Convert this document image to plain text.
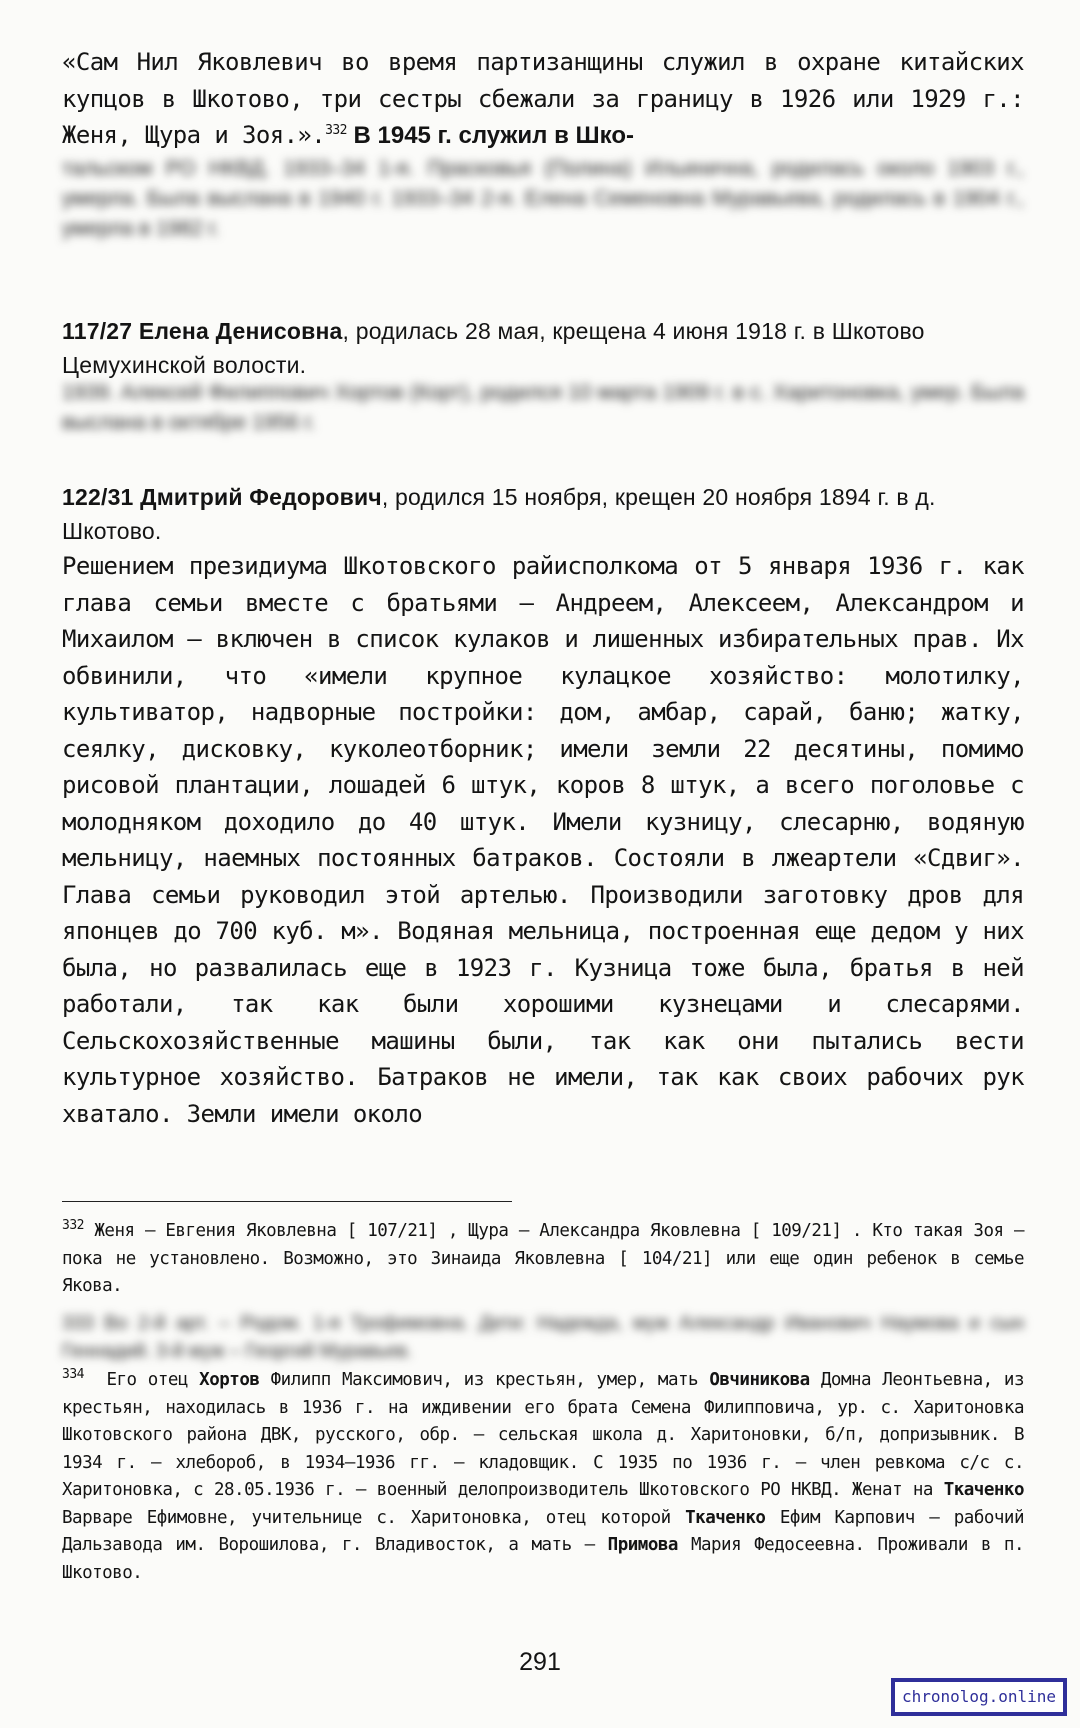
«Сам Нил Яковлевич во время партизанщины служил в охране китайских купцов в Шкотово, три сестры сбежали за границу в 1926 или 1929 г.: Женя, Щура и Зоя.».$^{332}$ В 1945 г. служил в Шко-
тальском РО НКВД. 1933–34 1-я. Прасковья (Полина) Ильинична, родилась около 1903 г., умерла. Была выслана в 1940 г. 1933–34 2-я. Елена Семеновна Муравьева, родилась в 1904 г., умерла в 1982 г.
117/27 Елена Денисовна, родилась 28 мая, крещена 4 июня 1918 г. в Шкотово Цемухинской волости.
1939. Алексей Филиппович Хортов (Корт), родился 10 марта 1909 г. в с. Харитоновка, умер. Была выслана в октябре 1956 г.
122/31 Дмитрий Федорович, родился 15 ноября, крещен 20 ноября 1894 г. в д. Шкотово.
Решением президиума Шкотовского райисполкома от 5 января 1936 г. как глава семьи вместе с братьями – Андреем, Алексеем, Александром и Михаилом – включен в список кулаков и лишенных избирательных прав. Их обвинили, что «имели крупное кулацкое хозяйство: молотилку, культиватор, надворные постройки: дом, амбар, сарай, баню; жатку, сеялку, дисковку, куколеотборник; имели земли 22 десятины, помимо рисовой плантации, лошадей 6 штук, коров 8 штук, а всего поголовье с молодняком доходило до 40 штук. Имели кузницу, слесарню, водяную мельницу, наемных постоянных батраков. Состояли в лжеартели «Сдвиг». Глава семьи руководил этой артелью. Производили заготовку дров для японцев до 700 куб. м». Водяная мельница, построенная еще дедом у них была, но развалилась еще в 1923 г. Кузница тоже была, братья в ней работали, так как были хорошими кузнецами и слесарями. Сельскохозяйственные машины были, так как они пытались вести культурное хозяйство. Батраков не имели, так как своих рабочих рук хватало. Земли имели около
$^{332}$ Женя – Евгения Яковлевна [ 107/21] , Щура – Александра Яковлевна [ 109/21] . Кто такая Зоя – пока не установлено. Возможно, это Зинаида Яковлевна [ 104/21] или еще один ребенок в семье Якова.
333 Во 2-й арт. – Родом. 1-я Трофимовна. Дети: Надежда, муж Александр Иванович Наумова и сын Геннадий. 3-й муж – Георгий Муравьев.
$^{334}$ Его отец Хортов Филипп Максимович, из крестьян, умер, мать Овчиникова Домна Леонтьевна, из крестьян, находилась в 1936 г. на иждивении его брата Семена Филипповича, ур. с. Харитоновка Шкотовского района ДВК, русского, обр. – сельская школа д. Харитоновки, б/п, допризывник. В 1934 г. – хлебороб, в 1934–1936 гг. – кладовщик. С 1935 по 1936 г. – член ревкома с/с с. Харитоновка, с 28.05.1936 г. – военный делопроизводитель Шкотовского РО НКВД. Женат на Ткаченко Варваре Ефимовне, учительнице с. Харитоновка, отец которой Ткаченко Ефим Карпович – рабочий Дальзавода им. Ворошилова, г. Владивосток, а мать – Примова Мария Федосеевна. Проживали в п. Шкотово.
291
chronolog.online
